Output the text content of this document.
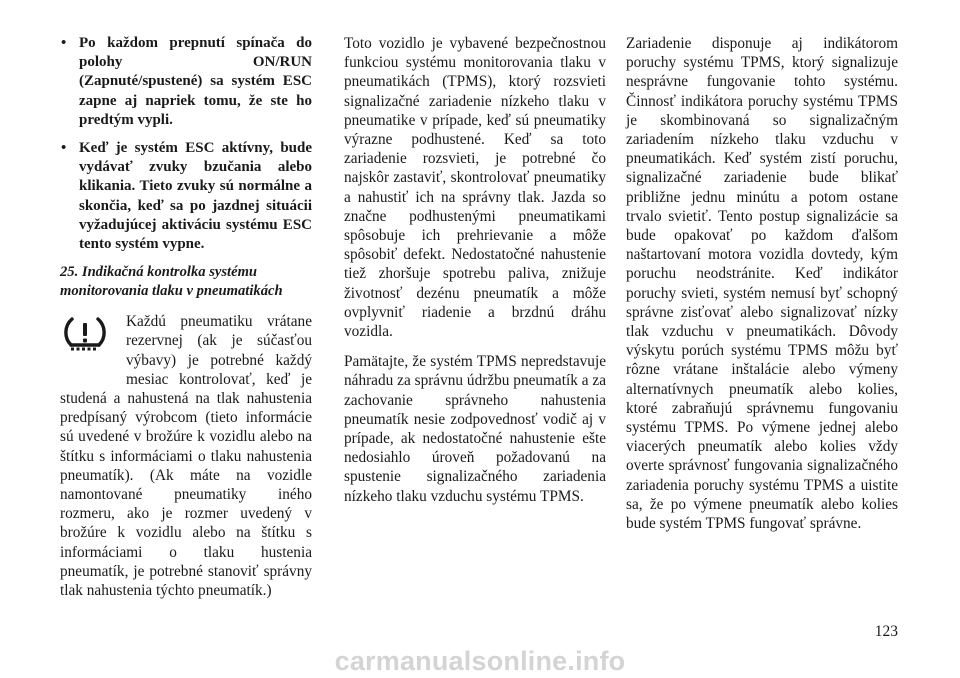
• Po každom prepnutí spínača do polohy ON/RUN (Zapnuté/spustené) sa systém ESC zapne aj napriek tomu, že ste ho predtým vypli.
• Keď je systém ESC aktívny, bude vydávať zvuky bzučania alebo klikania. Tieto zvuky sú normálne a skončia, keď sa po jazdnej situácii vyžadujúcej aktiváciu systému ESC tento systém vypne.
25. Indikačná kontrolka systému
monitorovania tlaku v pneumatikách

Každú pneumatiku vrátane rezervnej (ak je súčasťou výbavy) je potrebné každý mesiac kontrolovať, keď je studená a nahustená na tlak nahustenia predpísaný výrobcom (tieto informácie sú uvedené v brožúre k vozidlu alebo na štítku s informáciami o tlaku nahustenia pneumatík). (Ak máte na vozidle namontované pneumatiky iného rozmeru, ako je rozmer uvedený v brožúre k vozidlu alebo na štítku s informáciami o tlaku hustenia pneumatík, je potrebné stanoviť správny tlak nahustenia týchto pneumatík.)

Toto vozidlo je vybavené bezpečnostnou funkciou systému monitorovania tlaku v pneumatikách (TPMS), ktorý rozsvieti signalizačné zariadenie nízkeho tlaku v pneumatike v prípade, keď sú pneumatiky výrazne podhustené. Keď sa toto zariadenie rozsvieti, je potrebné čo najskôr zastaviť, skontrolovať pneumatiky a nahustiť ich na správny tlak. Jazda so značne podhustenými pneumatikami spôsobuje ich prehrievanie a môže spôsobiť defekt. Nedostatočné nahustenie tiež zhoršuje spotrebu paliva, znižuje životnosť dezénu pneumatík a môže ovplyvniť riadenie a brzdnú dráhu vozidla.

Pamätajte, že systém TPMS nepredstavuje náhradu za správnu údržbu pneumatík a za zachovanie správneho nahustenia pneumatík nesie zodpovednosť vodič aj v prípade, ak nedostatočné nahustenie ešte nedosiahlo úroveň požadovanú na spustenie signalizačného zariadenia nízkeho tlaku vzduchu systému TPMS.

Zariadenie disponuje aj indikátorom poruchy systému TPMS, ktorý signalizuje nesprávne fungovanie tohto systému. Činnosť indikátora poruchy systému TPMS je skombinovaná so signalizačným zariadením nízkeho tlaku vzduchu v pneumatikách. Keď systém zistí poruchu, signalizačné zariadenie bude blikať približne jednu minútu a potom ostane trvalo svietiť. Tento postup signalizácie sa bude opakovať po každom ďalšom naštartovaní motora vozidla dovtedy, kým poruchu neodstránite. Keď indikátor poruchy svieti, systém nemusí byť schopný správne zisťovať alebo signalizovať nízky tlak vzduchu v pneumatikách. Dôvody výskytu porúch systému TPMS môžu byť rôzne vrátane inštalácie alebo výmeny alternatívnych pneumatík alebo kolies, ktoré zabraňujú správnemu fungovaniu systému TPMS. Po výmene jednej alebo viacerých pneumatík alebo kolies vždy overte správnosť fungovania signalizačného zariadenia poruchy systému TPMS a uistite sa, že po výmene pneumatík alebo kolies bude systém TPMS fungovať správne.

123
carmanualsonline.info
